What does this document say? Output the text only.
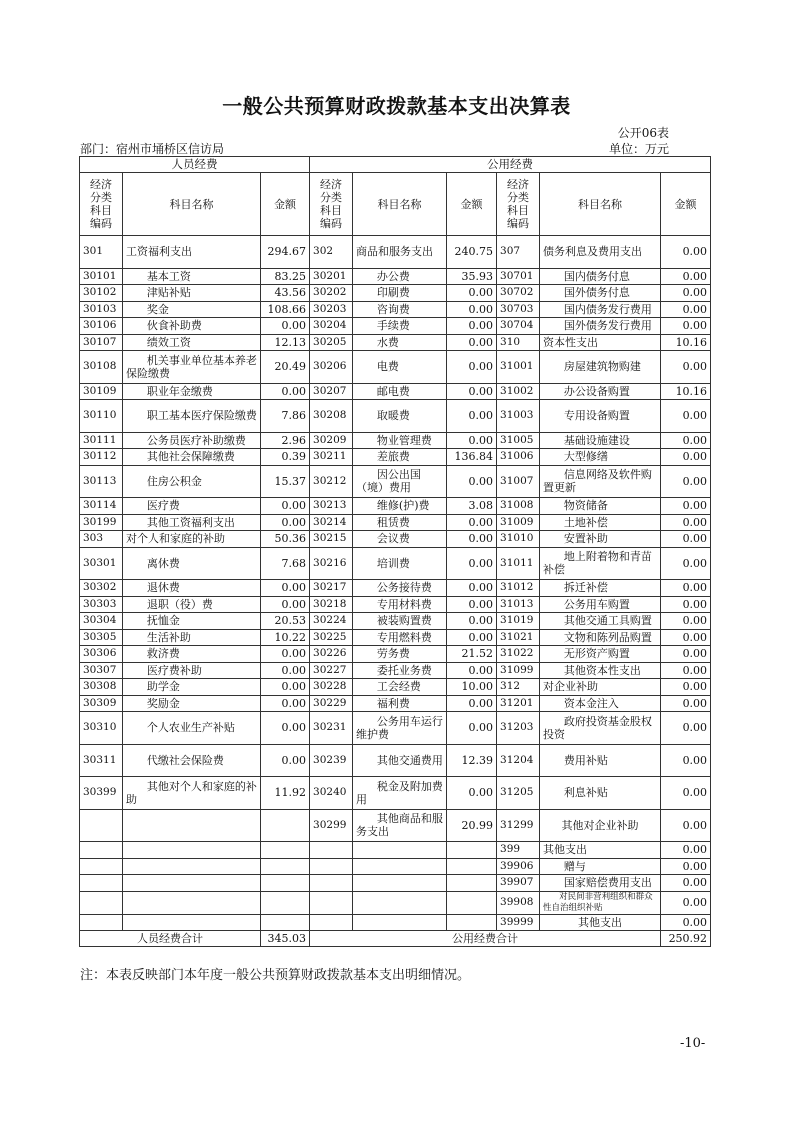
一般公共预算财政拨款基本支出决算表
公开06表
部门：宿州市埇桥区信访局	单位：万元
人员经费			公用经费					
经济
分类
科目
编码	科目名称	金额	经济
分类
科目
编码	科目名称	金额	经济
分类
科目
编码	科目名称	金额
301	工资福利支出	294.67	302	商品和服务支出	240.75	307	债务利息及费用支出	0.00
30101	基本工资	83.25	30201	办公费	35.93	30701	国内债务付息	0.00
30102	津贴补贴	43.56	30202	印刷费	0.00	30702	国外债务付息	0.00
30103	奖金	108.66	30203	咨询费	0.00	30703	国内债务发行费用	0.00
30106	伙食补助费	0.00	30204	手续费	0.00	30704	国外债务发行费用	0.00
30107	绩效工资	12.13	30205	水费	0.00	310	资本性支出	10.16
30108	机关事业单位基本养老保险缴费	20.49	30206	电费	0.00	31001	房屋建筑物购建	0.00
30109	职业年金缴费	0.00	30207	邮电费	0.00	31002	办公设备购置	10.16
30110	职工基本医疗保险缴费	7.86	30208	取暖费	0.00	31003	专用设备购置	0.00
30111	公务员医疗补助缴费	2.96	30209	物业管理费	0.00	31005	基础设施建设	0.00
30112	其他社会保障缴费	0.39	30211	差旅费	136.84	31006	大型修缮	0.00
30113	住房公积金	15.37	30212	因公出国（境）费用	0.00	31007	信息网络及软件购置更新	0.00
30114	医疗费	0.00	30213	维修(护)费	3.08	31008	物资储备	0.00
30199	其他工资福利支出	0.00	30214	租赁费	0.00	31009	土地补偿	0.00
303	对个人和家庭的补助	50.36	30215	会议费	0.00	31010	安置补助	0.00
30301	离休费	7.68	30216	培训费	0.00	31011	地上附着物和青苗补偿	0.00
30302	退休费	0.00	30217	公务接待费	0.00	31012	拆迁补偿	0.00
30303	退职（役）费	0.00	30218	专用材料费	0.00	31013	公务用车购置	0.00
30304	抚恤金	20.53	30224	被装购置费	0.00	31019	其他交通工具购置	0.00
30305	生活补助	10.22	30225	专用燃料费	0.00	31021	文物和陈列品购置	0.00
30306	救济费	0.00	30226	劳务费	21.52	31022	无形资产购置	0.00
30307	医疗费补助	0.00	30227	委托业务费	0.00	31099	其他资本性支出	0.00
30308	助学金	0.00	30228	工会经费	10.00	312	对企业补助	0.00
30309	奖励金	0.00	30229	福利费	0.00	31201	资本金注入	0.00
30310	个人农业生产补贴	0.00	30231	公务用车运行维护费	0.00	31203	政府投资基金股权投资	0.00
30311	代缴社会保险费	0.00	30239	其他交通费用	12.39	31204	费用补贴	0.00
30399	其他对个人和家庭的补助	11.92	30240	税金及附加费用	0.00	31205	利息补贴	0.00
			30299	其他商品和服务支出	20.99	31299	其他对企业补助	0.00
						399	其他支出	0.00
						39906	赠与	0.00
						39907	国家赔偿费用支出	0.00
						39908	对民间非营利组织和群众性自治组织补贴	0.00
						39999	其他支出	0.00
人员经费合计		345.03	公用经费合计					250.92
注：本表反映部门本年度一般公共预算财政拨款基本支出明细情况。
-10-
